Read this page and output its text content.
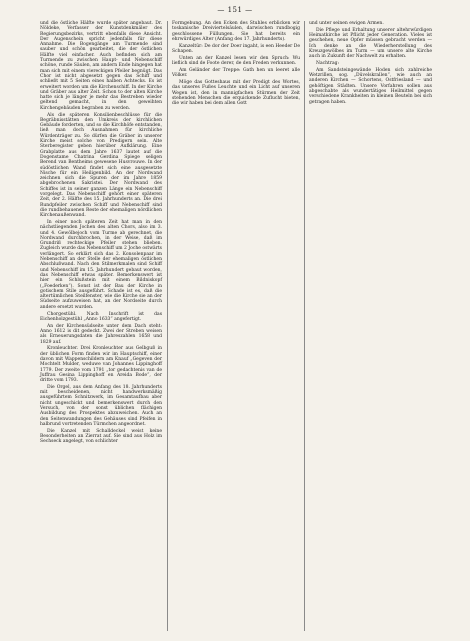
— 151 —

und die östliche Hälfte wurde später angebaut. Dr. Nöldeke, Verfasser der Kunstdenkmäler des Regierungsbezirks, vertritt ebenfalls diese Ansicht. Der Augenschein spricht jedenfalls für diese Annahme. Die Bogengänge am Turmende sind sauber und schön gearbeitet, die der östlichen Hälfte viel einfacher. Auch befinden sich am Turmende zu zwischen Haupt- und Nebenschiff schöne, runde Säulen, am andern Ende hingegen hat man sich mit einem viereckigen Pfeiler begnügt. Das Chor ist nicht abgesetzt gegen das Schiff und schließt mit 5 Seiten eines halben Achtecks. Es ist erweitert worden um die Kirchenschiff. In der Kirche und Gräber aus alter Zeit. Schon to der alten Kirche hatte sich je länger je mehr das Bestreben wieder geltend gemacht, in den geweihten Kirchengebäuden begraben zu werden.

Als die späteren Konsilienbeschlüsse für die Begräbnisstätten den Umkreis der kirchlichen Gebäude forderten, und so die Kirchhöfe entstanden, ließ man doch Ausnahmen für kirchliche Würdenträger zu. So dürfen die Gräber in unserer Kirche meist solche von Predigern sein. Alte Sterberegister geben hierüber Aufklärung. Eine Grabplatte aus dem Jahre 1637 lautet auf die Dogenstame Chatrina Gerdina Spiege seligen Berend van Bentheims gewesene Husvrouwe. In der südöstlichen Wand findet sich eine ausgesetzte Nische für ein Heiligenbild. An der Nordwand zeichnen sich die Spuren der im Jahre 1859 abgebrochenen Sakristei. Der Nordwand des Schiffes ist in seiner ganzen Länge ein Nebenschiff vorgelegt. Das Nebenschiff gehört einer späteren Zeit, der 2. Hälfte des 15. Jahrhunderts an. Die drei Rundpfeiler zwischen Schiff und Nebenschiff sind die rundbehauenen Reste der ehemaligen nördlichen Kirchenaußenwand.

In einer noch späteren Zeit hat man in den nächstliegenden Jochen des alten Chors, also im 3. und 4. Gewölbejoch vom Turme ab gerechnet, die Nordwand durchbrochen, in der Weise, daß im Grundriß rechteckige Pfeiler stehen blieben. Zugleich wurde das Nebenschiff um 2 Joche ostwärts verlängert. So erklärt sich das 2. Konsolenpaar im Nebenschiff an der Stelle der ehemaligen östlichen Abschlußwand. Nach den Stilmerkmalen sind Schiff und Nebenschiff im 15. Jahrhundert gebaut worden, das Nebenschiff etwas später. Bemerkenswert ist hier ein Schlußstein mit einem Bildniskopf („Foederken“). Sonst ist der Bau der Kirche in gotischem Stile ausgeführt. Schade ist es, daß die altertümlichen Steilfenster, wie die Kirche sie an der Südseite aufzuweisen hat, an der Nordseite durch andere ersetzt wurden.

Chorgestühl. Nach Inschrift ist das Eichenholzgestühl „Anno 1633“ angefertigt.

An der Kirchensüdseite unter dem Dach steht: Anno 1612 is dit gedeckt. Zwei der Streben weisen als Erneuerungsdaten die Jahreszahlen 1658 und 1829 auf.

Kronleuchter. Drei Kronleuchter aus Gelbguß in der üblichen Form finden wir im Hauptschiff, einer davon mit Wappenschildern am Knauf „Gegeven der Mochtelt Mulder, weduwe van Johannes Lippinghoff 1779. Der zweite vom 1791 „tor gedachtenis van de Juffrau Gesina Lippinghoff en Areida Bode“, der dritte vom 1793.

Die Orgel, aus dem Anfang des 18. Jahrhunderts mit bescheidenen, nicht handwerksmäßig ausgeführtem Schnitzwerk, im Gesamtaufbau aber nicht ungeschickt und bemerkenswert durch den Versuch, von der sonst üblichen flächigen Ausbildung des Prospektes abzuweichen. Auch an den Seitenwandungen des Gehäuses sind Pfeifen in halbrund vortretenden Türmchen angeordnet.

Die Kanzel mit Schalldeckel weist keine Besonderheiten an Zierrat auf. Sie sind aus Holz im Sechseck angelegt, von schlichter

Formgebung. An den Ecken des Stuhles erblicken wir toskanische Dreiviertelsäulen, darwischen rundbogig geschlossene Füllungen. Sie hat bereits ein ehrwürdiges Alter (Anfang des 17. Jahrhunderts).

Kanzeltür: De dor der Doer ingaht, is een Heeder De Schapen.

Unten an der Kanzel lesen wir den Spruch: Wu lieflich sind de Foote derer, de den Freden verkunnen.

Am Geländer der Treppe: Gath hen un leeret alle Völker.

Möge das Gotteshaus mit der Predigt des Wortes, das unseres Fußes Leuchte und ein Licht auf unseren Wegen ist, den in mannigfachen Stürmen der Zeit stehenden Menschen die erquickende Zuflucht bieten, die wir haben bei dem allen Gott

und unter seinen ewigen Armen.

Die Pflege und Erhaltung unserer altehrwürdigen Heimatkirche ist Pflicht jeder Generation. Vieles ist geschehen, neue Opfer müssen gebracht werden — Ich denke an die Wiederherstellung des Kreuzgewölbes im Turm — um unsere alte Kirche auch in Zukunft der Nachwelt zu erhalten.

Nachtrag:

Am Sandsteingewände Hoden sich zahlreiche Wetzrillen, sog. „Düvelskrallen“, wie auch an anderen Kirchen — Schortens, Ostfriesland — und gehöftigen Städten. Unsere Vorfahren sollen aus abgeschabte als wundertätiges Heilmittel gegen verschiedene Krankheiten in kleinen Beuteln bei sich getragen haben.
